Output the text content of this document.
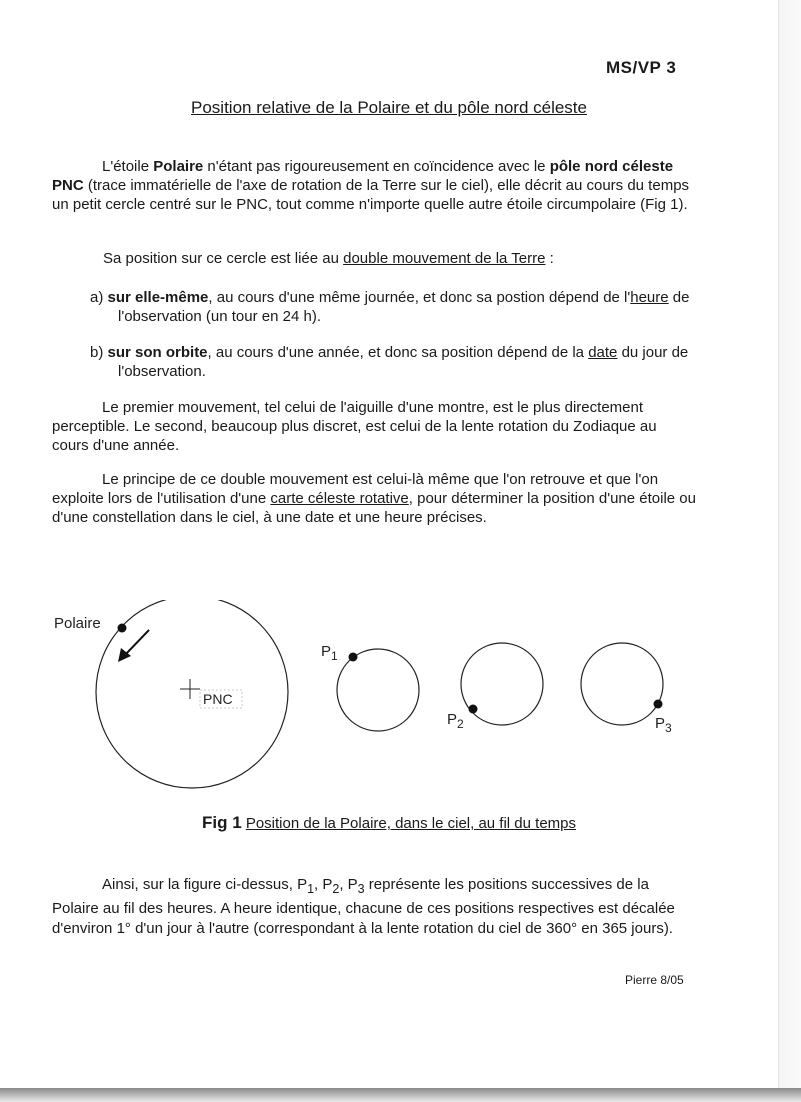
MS/VP 3
Position relative de la Polaire et du pôle nord céleste

L'étoile Polaire n'étant pas rigoureusement en coïncidence avec le pôle nord céleste PNC (trace immatérielle de l'axe de rotation de la Terre sur le ciel), elle décrit au cours du temps un petit cercle centré sur le PNC, tout comme n'importe quelle autre étoile circumpolaire (Fig 1).

Sa position sur ce cercle est liée au double mouvement de la Terre :

a) sur elle-même, au cours d'une même journée, et donc sa postion dépend de l'heure de l'observation (un tour en 24 h).

b) sur son orbite, au cours d'une année, et donc sa position dépend de la date du jour de l'observation.

Le premier mouvement, tel celui de l'aiguille d'une montre, est le plus directement perceptible. Le second, beaucoup plus discret, est celui de la lente rotation du Zodiaque au cours d'une année.

Le principe de ce double mouvement est celui-là même que l'on retrouve et que l'on exploite lors de l'utilisation d'une carte céleste rotative, pour déterminer la position d'une étoile ou d'une constellation dans le ciel, à une date et une heure précises.

PNC
Polaire
$P_1$
$P_2$	$P_3$
Fig 1 Position de la Polaire, dans le ciel, au fil du temps

Ainsi, sur la figure ci-dessus, $P_1$, $P_2$, $P_3$ représente les positions successives de la Polaire au fil des heures. A heure identique, chacune de ces positions respectives est décalée d'environ 1° d'un jour à l'autre (correspondant à la lente rotation du ciel de 360° en 365 jours).

Pierre 8/05
